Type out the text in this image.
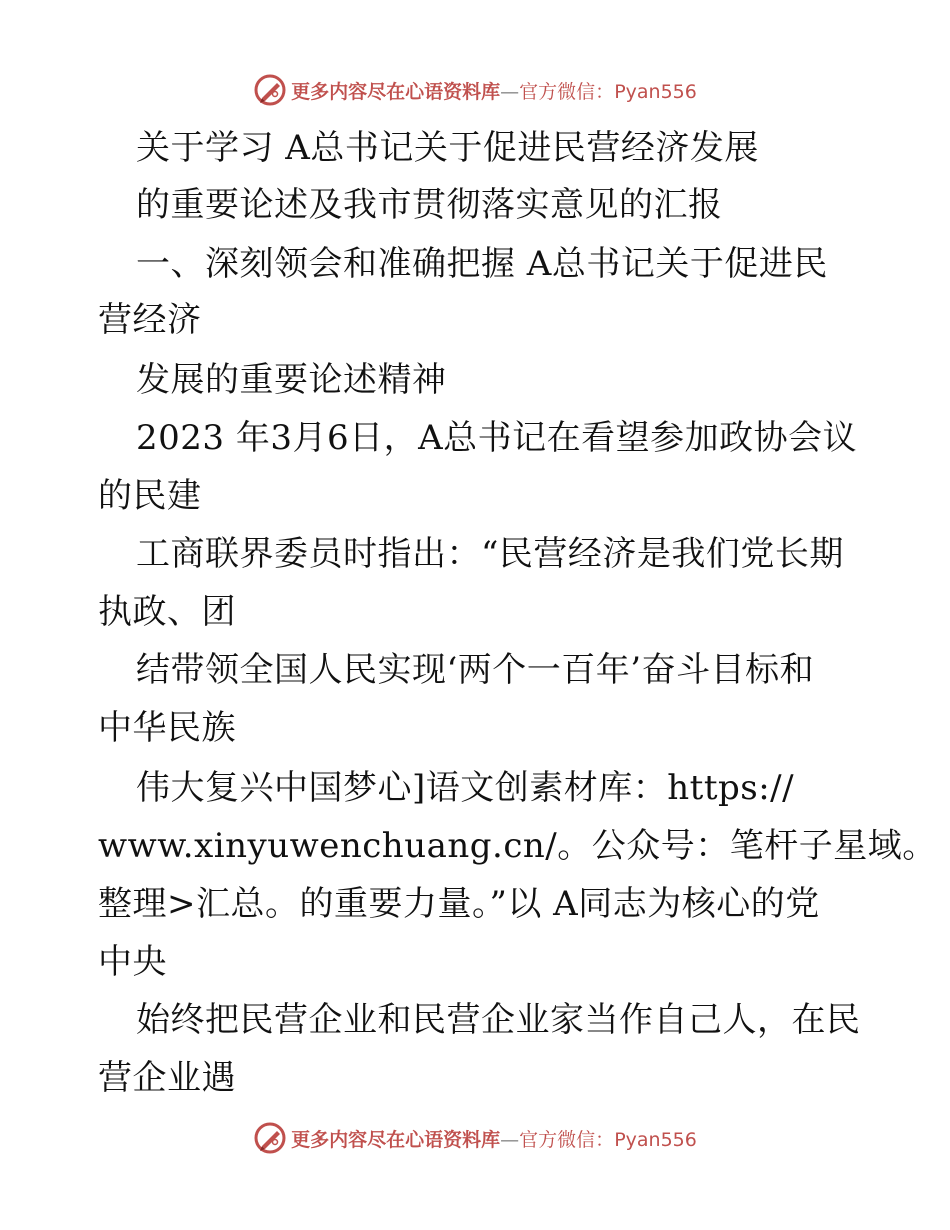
更多内容尽在心语资料库—官方微信：Pyan556
关于学习 A总书记关于促进民营经济发展
的重要论述及我市贯彻落实意见的汇报
一、深刻领会和准确把握 A总书记关于促进民
营经济
发展的重要论述精神
2023 年3月6日，A总书记在看望参加政协会议
的民建
工商联界委员时指出：“民营经济是我们党长期
执政、团
结带领全国人民实现‘两个一百年’奋斗目标和
中华民族
伟大复兴中国梦心]语文创素材库：https://
www.xinyuwenchuang.cn/。公众号：笔杆子星域。
整理>汇总。的重要力量。”以 A同志为核心的党
中央
始终把民营企业和民营企业家当作自己人，在民
营企业遇
更多内容尽在心语资料库—官方微信：Pyan556
